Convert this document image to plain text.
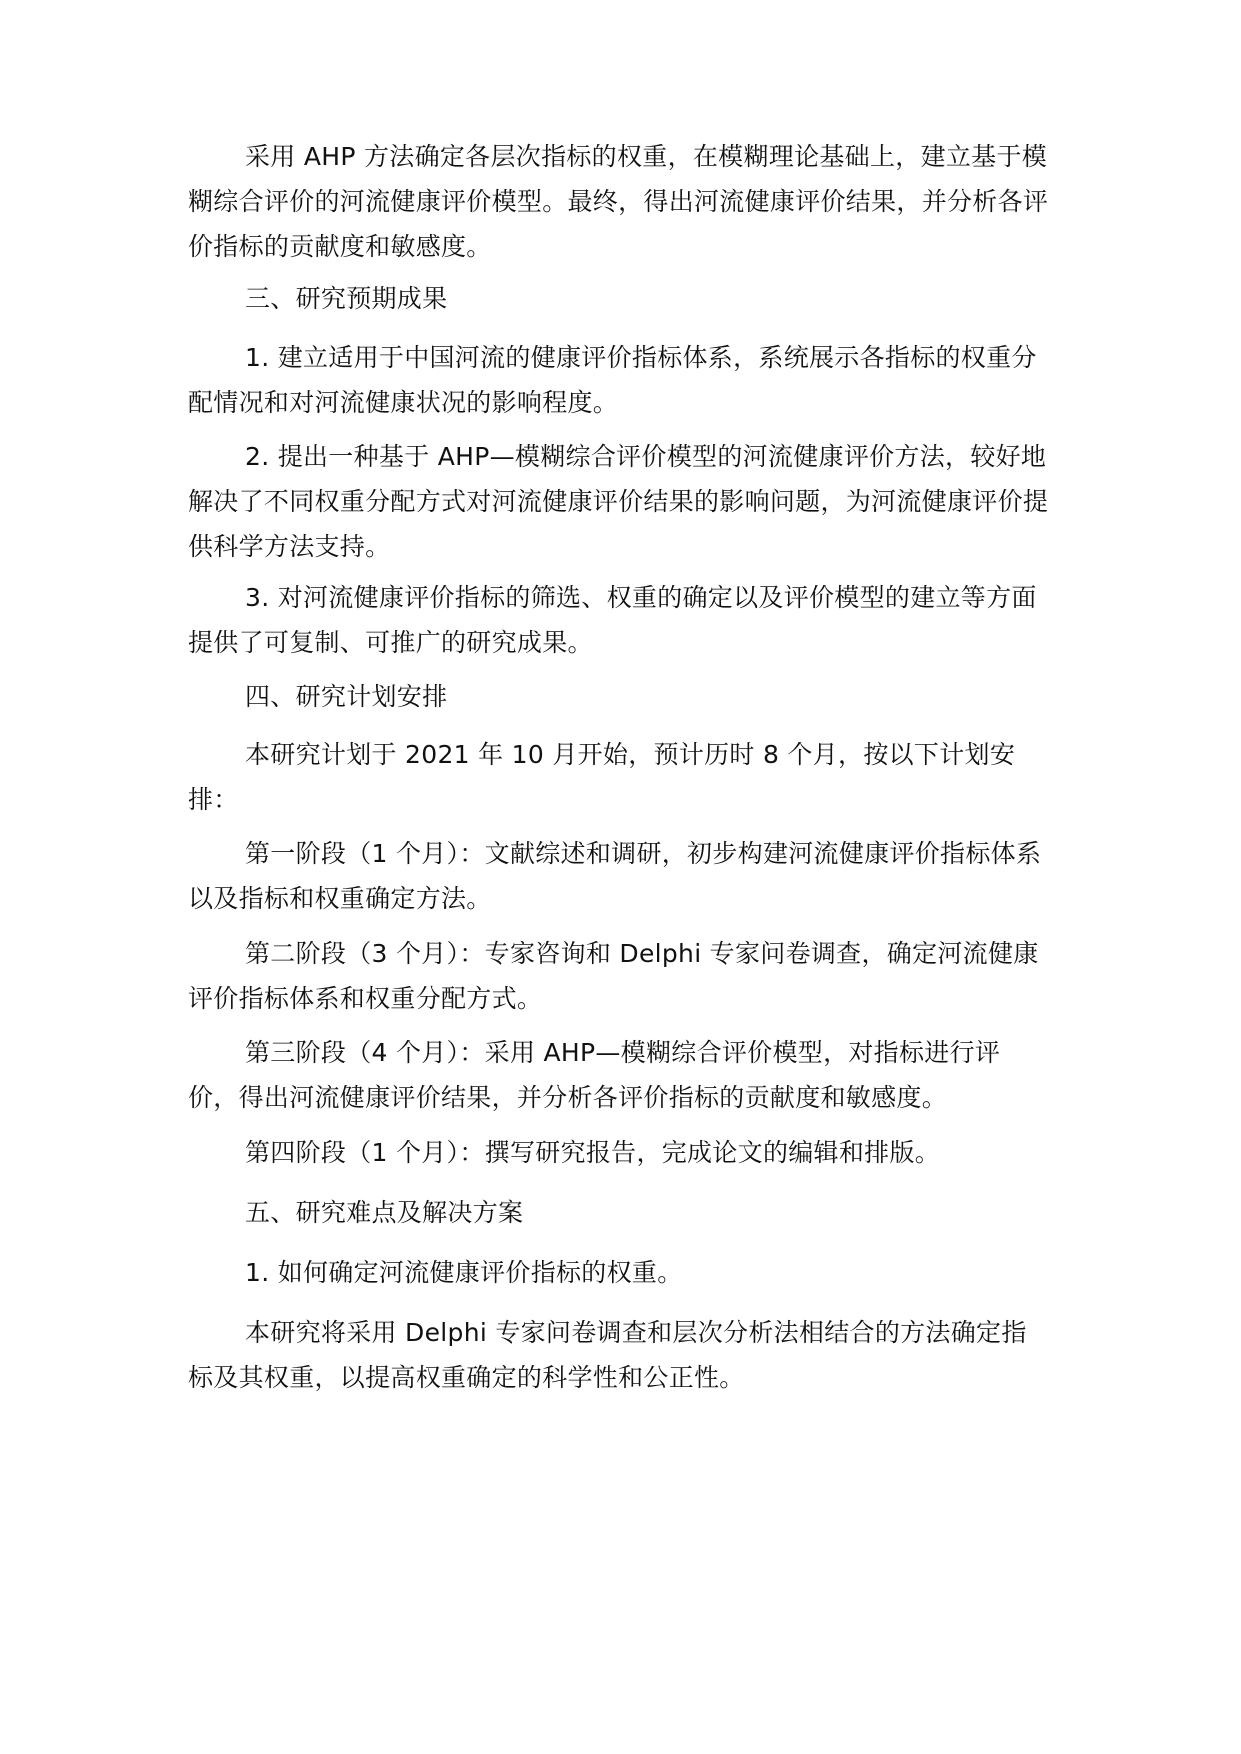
采用 AHP 方法确定各层次指标的权重，在模糊理论基础上，建立基于模糊综合评价的河流健康评价模型。最终，得出河流健康评价结果，并分析各评价指标的贡献度和敏感度。

三、研究预期成果

1. 建立适用于中国河流的健康评价指标体系，系统展示各指标的权重分配情况和对河流健康状况的影响程度。

2. 提出一种基于 AHP—模糊综合评价模型的河流健康评价方法，较好地解决了不同权重分配方式对河流健康评价结果的影响问题，为河流健康评价提供科学方法支持。

3. 对河流健康评价指标的筛选、权重的确定以及评价模型的建立等方面提供了可复制、可推广的研究成果。

四、研究计划安排

本研究计划于 2021 年 10 月开始，预计历时 8 个月，按以下计划安排：

第一阶段（1 个月）：文献综述和调研，初步构建河流健康评价指标体系以及指标和权重确定方法。

第二阶段（3 个月）：专家咨询和 Delphi 专家问卷调查，确定河流健康评价指标体系和权重分配方式。

第三阶段（4 个月）：采用 AHP—模糊综合评价模型，对指标进行评价，得出河流健康评价结果，并分析各评价指标的贡献度和敏感度。

第四阶段（1 个月）：撰写研究报告，完成论文的编辑和排版。

五、研究难点及解决方案

1. 如何确定河流健康评价指标的权重。

本研究将采用 Delphi 专家问卷调查和层次分析法相结合的方法确定指标及其权重，以提高权重确定的科学性和公正性。
